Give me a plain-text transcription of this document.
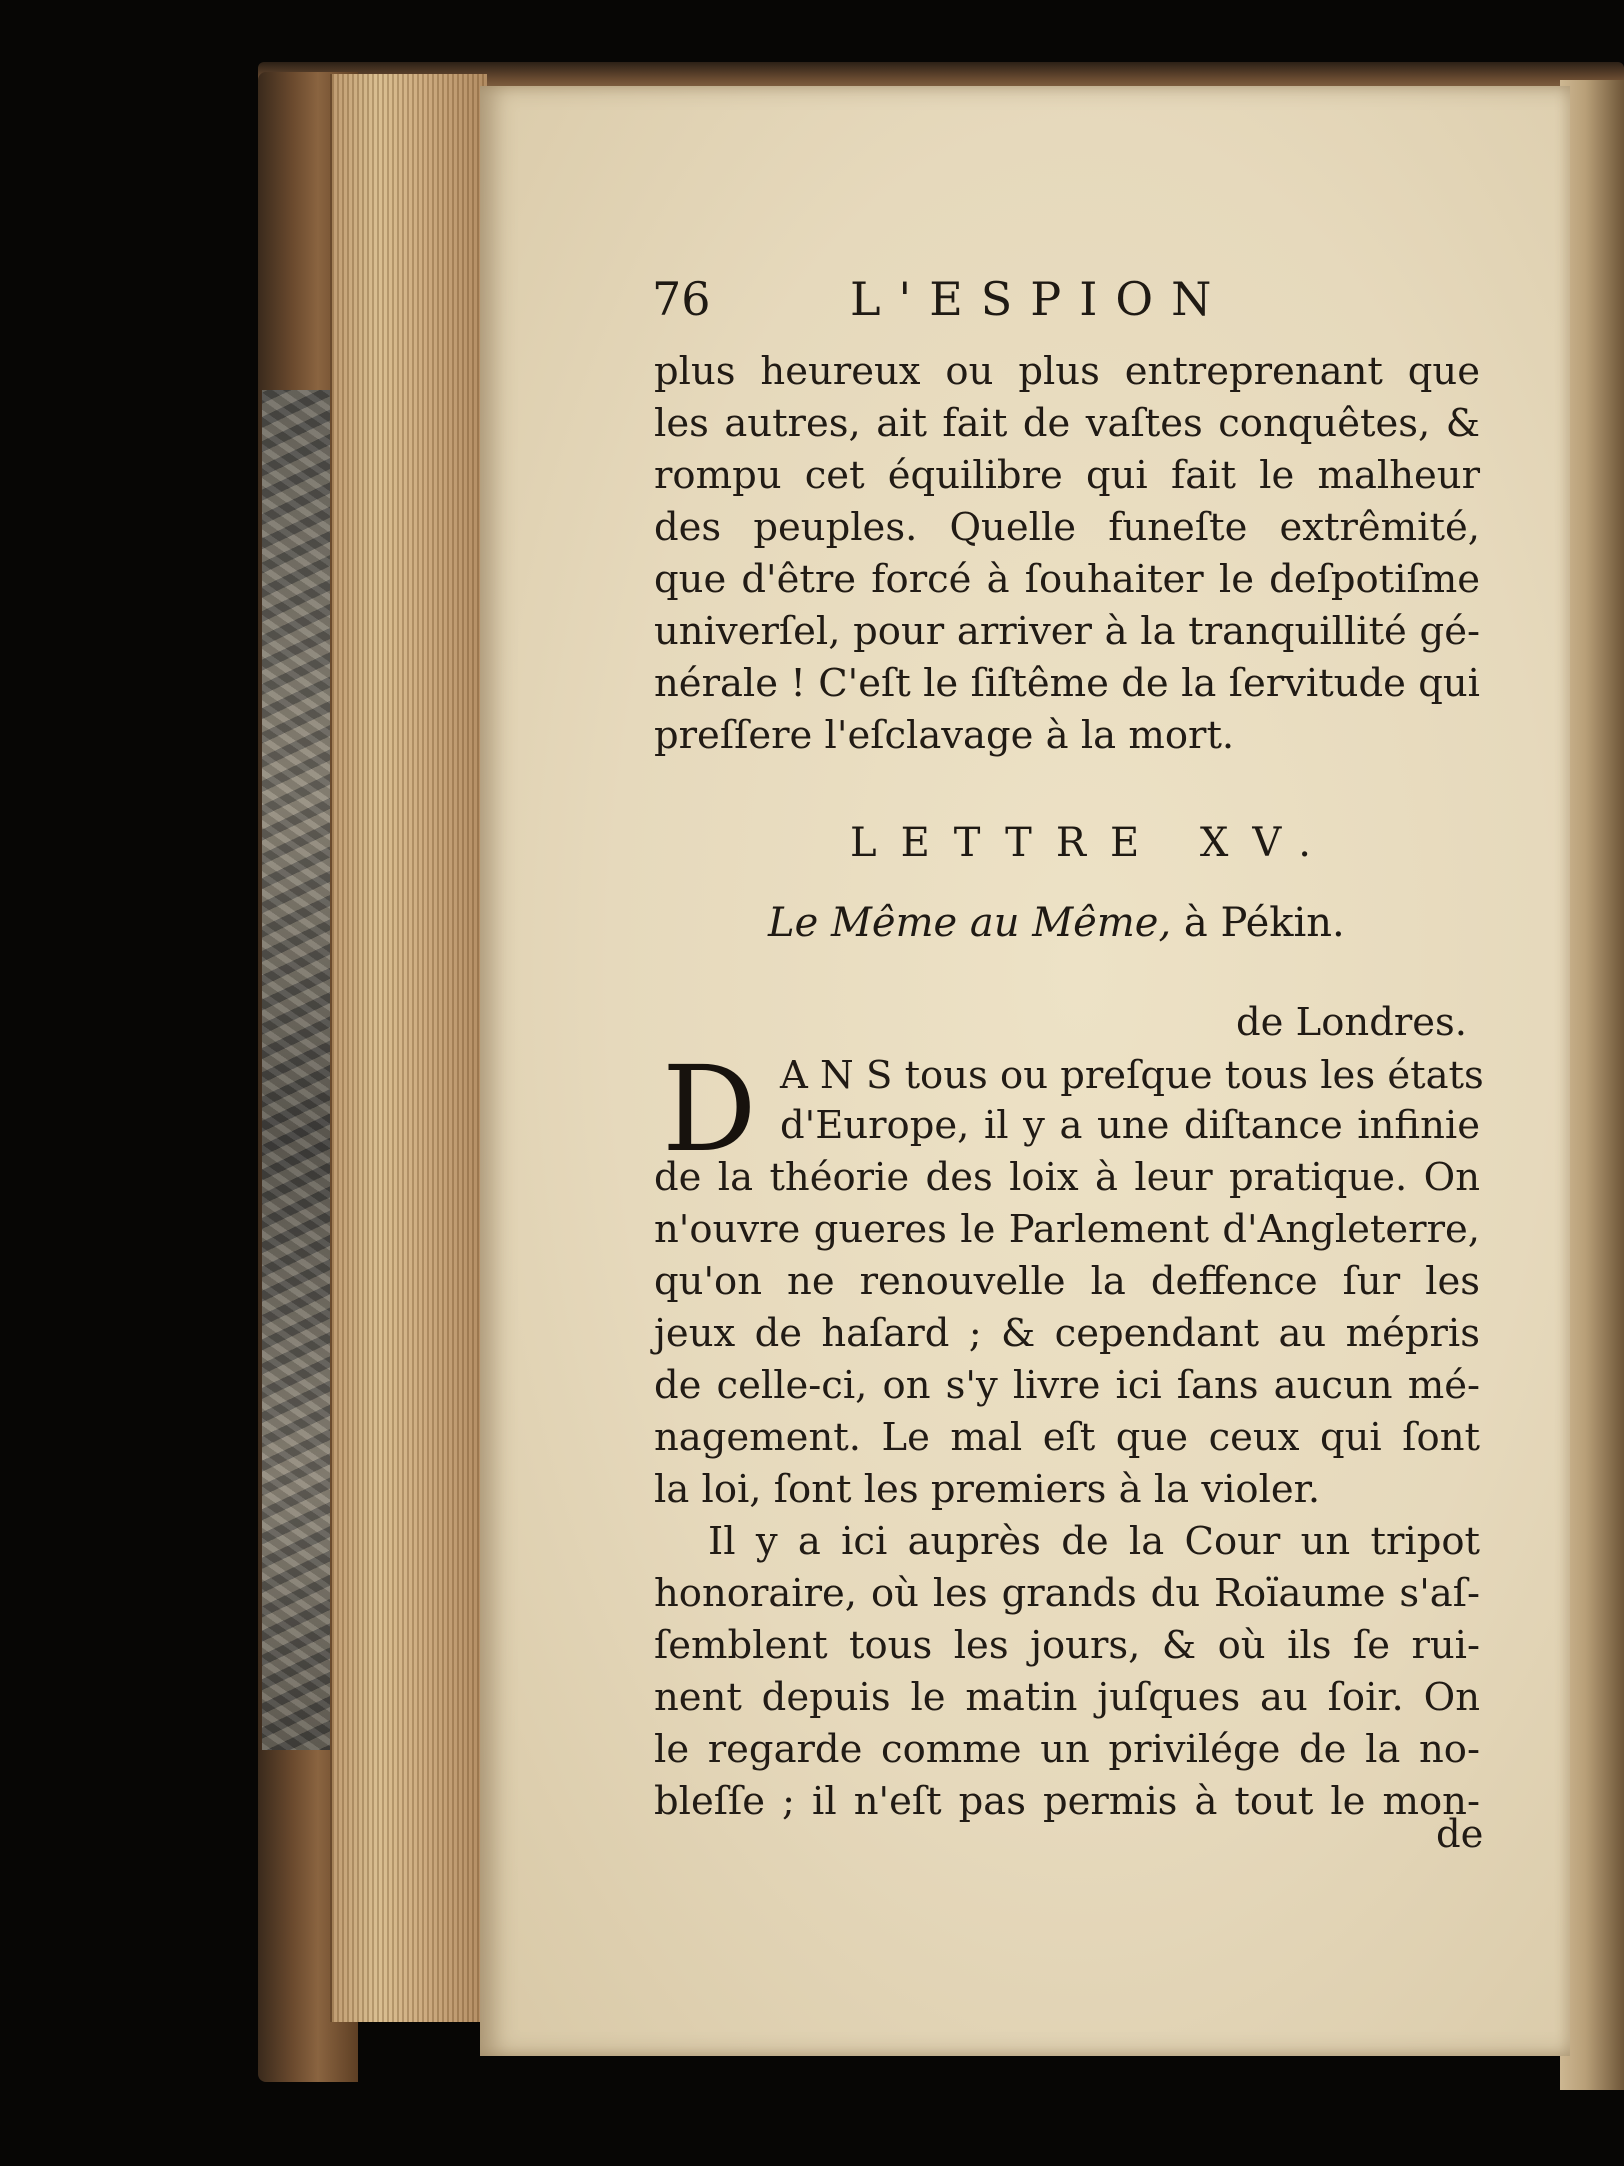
76	L'ESPION
plus heureux ou plus entreprenant que
les autres, ait fait de vaſtes conquêtes, &
rompu cet équilibre qui fait le malheur
des peuples. Quelle funeſte extrêmité,
que d'être forcé à ſouhaiter le deſpotiſme
univerſel, pour arriver à la tranquillité gé-
nérale ! C'eſt le ſiſtême de la ſervitude qui
preſſere l'eſclavage à la mort.
LETTRE XV.
Le Même au Même, à Pékin.
de Londres.
D A N S tous ou preſque tous les états
d'Europe, il y a une diſtance infinie
de la théorie des loix à leur pratique. On
n'ouvre gueres le Parlement d'Angleterre,
qu'on ne renouvelle la deffence ſur les
jeux de haſard ; & cependant au mépris
de celle-ci, on s'y livre ici ſans aucun mé-
nagement. Le mal eſt que ceux qui ſont
la loi, ſont les premiers à la violer.
Il y a ici auprès de la Cour un tripot
honoraire, où les grands du Roïaume s'aſ-
ſemblent tous les jours, & où ils ſe rui-
nent depuis le matin juſques au ſoir. On
le regarde comme un privilége de la no-
bleſſe ; il n'eſt pas permis à tout le mon-
de
